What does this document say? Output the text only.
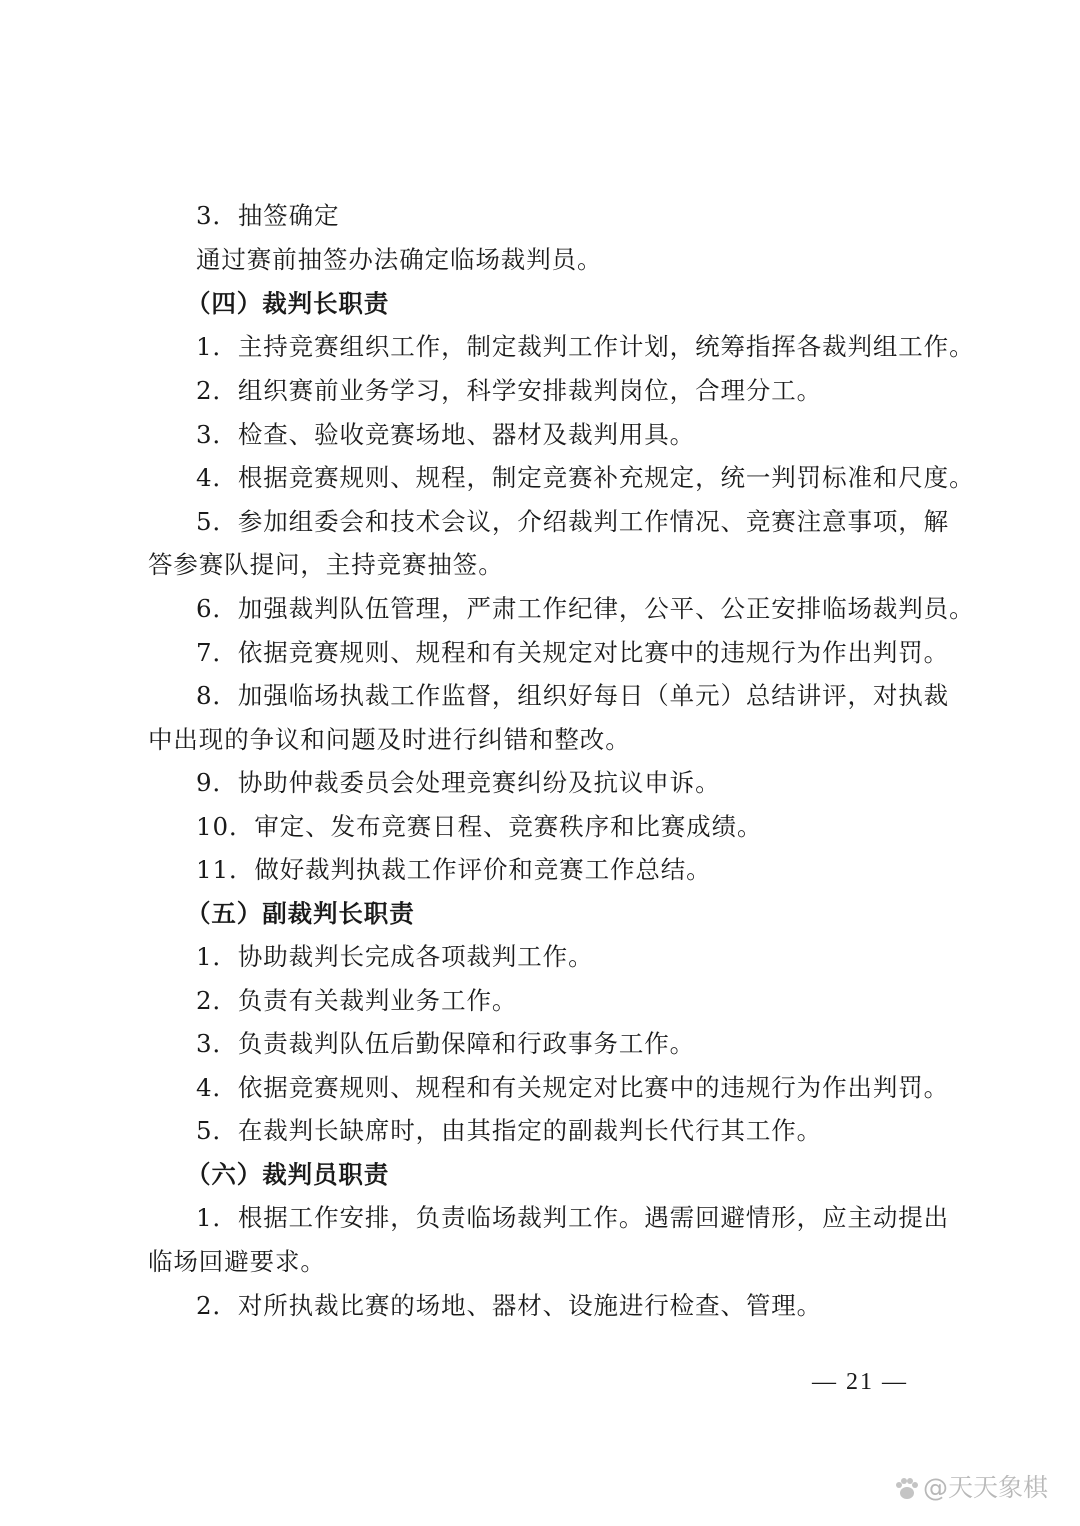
3．抽签确定
通过赛前抽签办法确定临场裁判员。
（四）裁判长职责
1．主持竞赛组织工作，制定裁判工作计划，统筹指挥各裁判组工作。
2．组织赛前业务学习，科学安排裁判岗位，合理分工。
3．检查、验收竞赛场地、器材及裁判用具。
4．根据竞赛规则、规程，制定竞赛补充规定，统一判罚标准和尺度。
5．参加组委会和技术会议，介绍裁判工作情况、竞赛注意事项，解
答参赛队提问，主持竞赛抽签。
6．加强裁判队伍管理，严肃工作纪律，公平、公正安排临场裁判员。
7．依据竞赛规则、规程和有关规定对比赛中的违规行为作出判罚。
8．加强临场执裁工作监督，组织好每日（单元）总结讲评，对执裁
中出现的争议和问题及时进行纠错和整改。
9．协助仲裁委员会处理竞赛纠纷及抗议申诉。
10．审定、发布竞赛日程、竞赛秩序和比赛成绩。
11．做好裁判执裁工作评价和竞赛工作总结。
（五）副裁判长职责
1．协助裁判长完成各项裁判工作。
2．负责有关裁判业务工作。
3．负责裁判队伍后勤保障和行政事务工作。
4．依据竞赛规则、规程和有关规定对比赛中的违规行为作出判罚。
5．在裁判长缺席时，由其指定的副裁判长代行其工作。
（六）裁判员职责
1．根据工作安排，负责临场裁判工作。遇需回避情形，应主动提出
临场回避要求。
2．对所执裁比赛的场地、器材、设施进行检查、管理。
— 21 —
@天天象棋
